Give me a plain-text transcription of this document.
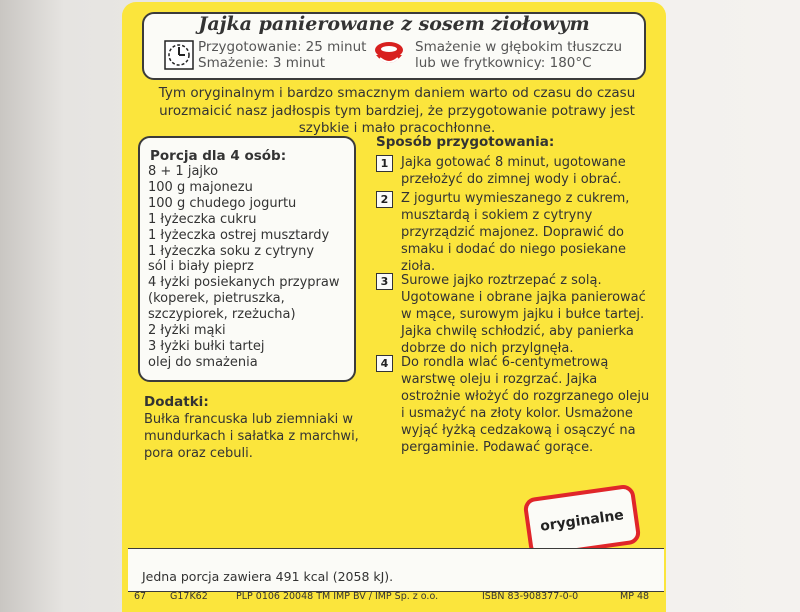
Jajka panierowane z sosem ziołowym
Przygotowanie: 25 minut
Smażenie: 3 minut
Smażenie w głębokim tłuszczu
lub we frytkownicy: 180°C
Tym oryginalnym i bardzo smacznym daniem warto od czasu do czasu urozmaicić nasz jadłospis tym bardziej, że przygotowanie potrawy jest szybkie i mało pracochłonne.
Porcja dla 4 osób:
8 + 1 jajko
100 g majonezu
100 g chudego jogurtu
1 łyżeczka cukru
1 łyżeczka ostrej musztardy
1 łyżeczka soku z cytryny
sól i biały pieprz
4 łyżki posiekanych przypraw
(koperek, pietruszka,
szczypiorek, rzeżucha)
2 łyżki mąki
3 łyżki bułki tartej
olej do smażenia
Dodatki:
Bułka francuska lub ziemniaki w mundurkach i sałatka z marchwi, pora oraz cebuli.
Sposób przygotowania:
1 Jajka gotować 8 minut, ugotowane przełożyć do zimnej wody i obrać.
2 Z jogurtu wymieszanego z cukrem, musztardą i sokiem z cytryny przyrządzić majonez. Doprawić do smaku i dodać do niego posiekane zioła.
3 Surowe jajko roztrzepać z solą. Ugotowane i obrane jajka panierować w mące, surowym jajku i bułce tartej. Jajka chwilę schłodzić, aby panierka dobrze do nich przylgnęła.
4 Do rondla wlać 6-centymetrową warstwę oleju i rozgrzać. Jajka ostrożnie włożyć do rozgrzanego oleju i usmażyć na złoty kolor. Usmażone wyjąć łyżką cedzakową i osączyć na pergaminie. Podawać gorące.
oryginalne
Jedna porcja zawiera 491 kcal (2058 kJ).
67	G17K62	PLP 0106 20048 TM IMP BV / IMP Sp. z o.o.	ISBN 83-908377-0-0	MP 48
